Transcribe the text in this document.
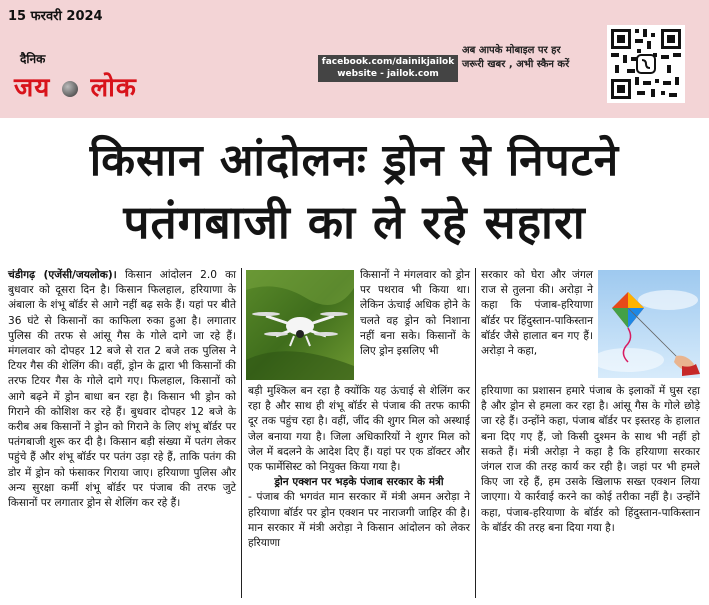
15 फरवरी 2024
दैनिक
जय लोक
facebook.com/dainikjailok
website - jailok.com
अब आपके मोबाइल पर हर
जरूरी खबर , अभी स्कैन करें
किसान आंदोलनः ड्रोन से निपटने
पतंगबाजी का ले रहे सहारा
चंडीगढ़ (एजेंसी/जयलोक)। किसान आंदोलन 2.0 का बुधवार को दूसरा दिन है। किसान फिलहाल, हरियाणा के अंबाला के शंभू बॉर्डर से आगे नहीं बढ़ सके हैं। यहां पर बीते 36 घंटे से किसानों का काफिला रुका हुआ है। लगातार पुलिस की तरफ से आंसू गैस के गोले दागे जा रहे हैं। मंगलवार को दोपहर 12 बजे से रात 2 बजे तक पुलिस ने टियर गैस की शेलिंग की। वहीं, ड्रोन के द्वारा भी किसानों की तरफ टियर गैस के गोले दागे गए। फिलहाल, किसानों को आगे बढ़ने में ड्रोन बाधा बन रहा है। किसान भी ड्रोन को गिराने की कोशिश कर रहे हैं। बुधवार दोपहर 12 बजे के करीब अब किसानों ने ड्रोन को गिराने के लिए शंभू बॉर्डर पर पतंगबाजी शुरू कर दी है। किसान बड़ी संख्या में पतंग लेकर पहुंचे हैं और शंभू बॉर्डर पर पतंग उड़ा रहे हैं, ताकि पतंग की डोर में ड्रोन को फंसाकर गिराया जाए। हरियाणा पुलिस और अन्य सुरक्षा कर्मी शंभू बॉर्डर पर पंजाब की तरफ जुटे किसानों पर लगातार ड्रोन से शेलिंग कर रहे हैं।
किसानों ने मंगलवार को ड्रोन पर पथराव भी किया था। लेकिन ऊंचाई अधिक होने के चलते वह ड्रोन को निशाना नहीं बना सके। किसानों के लिए ड्रोन इसलिए भी
बड़ी मुश्किल बन रहा है क्योंकि यह ऊंचाई से शेलिंग कर रहा है और साथ ही शंभू बॉर्डर से पंजाब की तरफ काफी दूर तक पहुंच रहा है। वहीं, जींद की शुगर मिल को अस्थाई जेल बनाया गया है। जिला अधिकारियों ने शुगर मिल को जेल में बदलने के आदेश दिए हैं। यहां पर एक डॉक्टर और एक फार्मेसिस्ट को नियुक्त किया गया है।

ड्रोन एक्शन पर भड़के पंजाब सरकार के मंत्री
- पंजाब की भगवंत मान सरकार में मंत्री अमन अरोड़ा ने हरियाणा बॉर्डर पर ड्रोन एक्शन पर नाराजगी जाहिर की है। मान सरकार में मंत्री अरोड़ा ने किसान आंदोलन को लेकर हरियाणा
सरकार को घेरा और जंगल राज से तुलना की। अरोड़ा ने कहा कि पंजाब-हरियाणा बॉर्डर पर हिंदुस्तान-पाकिस्तान बॉर्डर जैसे हालात बन गए हैं। अरोड़ा ने कहा,
हरियाणा का प्रशासन हमारे पंजाब के इलाकों में घुस रहा है और ड्रोन से हमला कर रहा है। आंसू गैस के गोले छोड़े जा रहे हैं। उन्होंने कहा, पंजाब बॉर्डर पर इस्तरह के हालात बना दिए गए हैं, जो किसी दुश्मन के साथ भी नहीं हो सकते हैं। मंत्री अरोड़ा ने कहा है कि हरियाणा सरकार जंगल राज की तरह कार्य कर रही है। जहां पर भी हमले किए जा रहे हैं, हम उसके खिलाफ सख्त एक्शन लिया जाएगा। ये कार्रवाई करने का कोई तरीका नहीं है। उन्होंने कहा, पंजाब-हरियाणा के बॉर्डर को हिंदुस्तान-पाकिस्तान के बॉर्डर की तरह बना दिया गया है।
